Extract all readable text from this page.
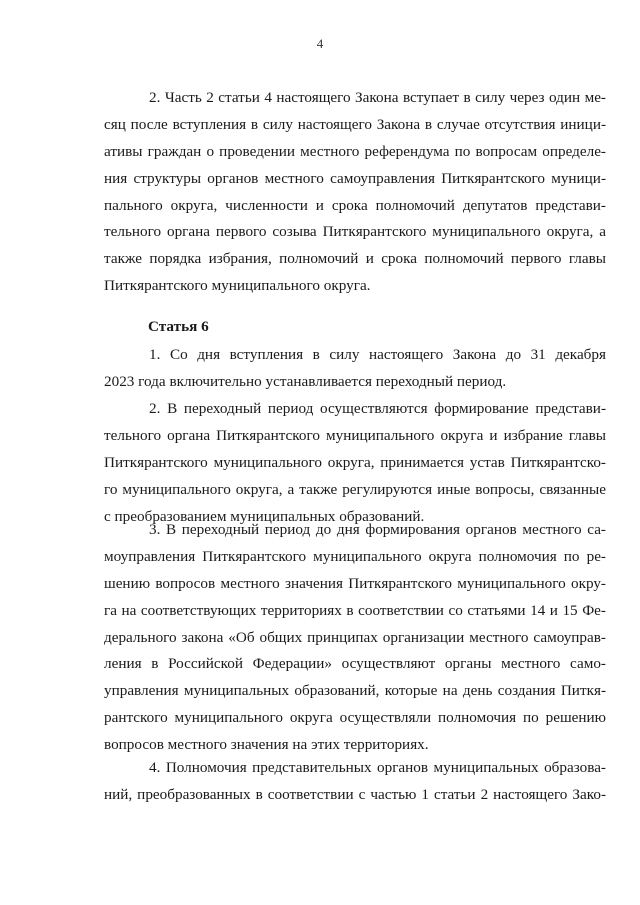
4
2. Часть 2 статьи 4 настоящего Закона вступает в силу через один ме-
сяц после вступления в силу настоящего Закона в случае отсутствия иници-
ативы граждан о проведении местного референдума по вопросам определе-
ния структуры органов местного самоуправления Питкярантского муници-
пального округа, численности и срока полномочий депутатов представи-
тельного органа первого созыва Питкярантского муниципального округа, а
также порядка избрания, полномочий и срока полномочий первого главы
Питкярантского муниципального округа.
Статья 6
1. Со дня вступления в силу настоящего Закона до 31 декабря
2023 года включительно устанавливается переходный период.
2. В переходный период осуществляются формирование представи-
тельного органа Питкярантского муниципального округа и избрание главы
Питкярантского муниципального округа, принимается устав Питкярантско-
го муниципального округа, а также регулируются иные вопросы, связанные
с преобразованием муниципальных образований.
3. В переходный период до дня формирования органов местного са-
моуправления Питкярантского муниципального округа полномочия по ре-
шению вопросов местного значения Питкярантского муниципального окру-
га на соответствующих территориях в соответствии со статьями 14 и 15 Фе-
дерального закона «Об общих принципах организации местного самоуправ-
ления в Российской Федерации» осуществляют органы местного само-
управления муниципальных образований, которые на день создания Питкя-
рантского муниципального округа осуществляли полномочия по решению
вопросов местного значения на этих территориях.
4. Полномочия представительных органов муниципальных образова-
ний, преобразованных в соответствии с частью 1 статьи 2 настоящего Зако-
